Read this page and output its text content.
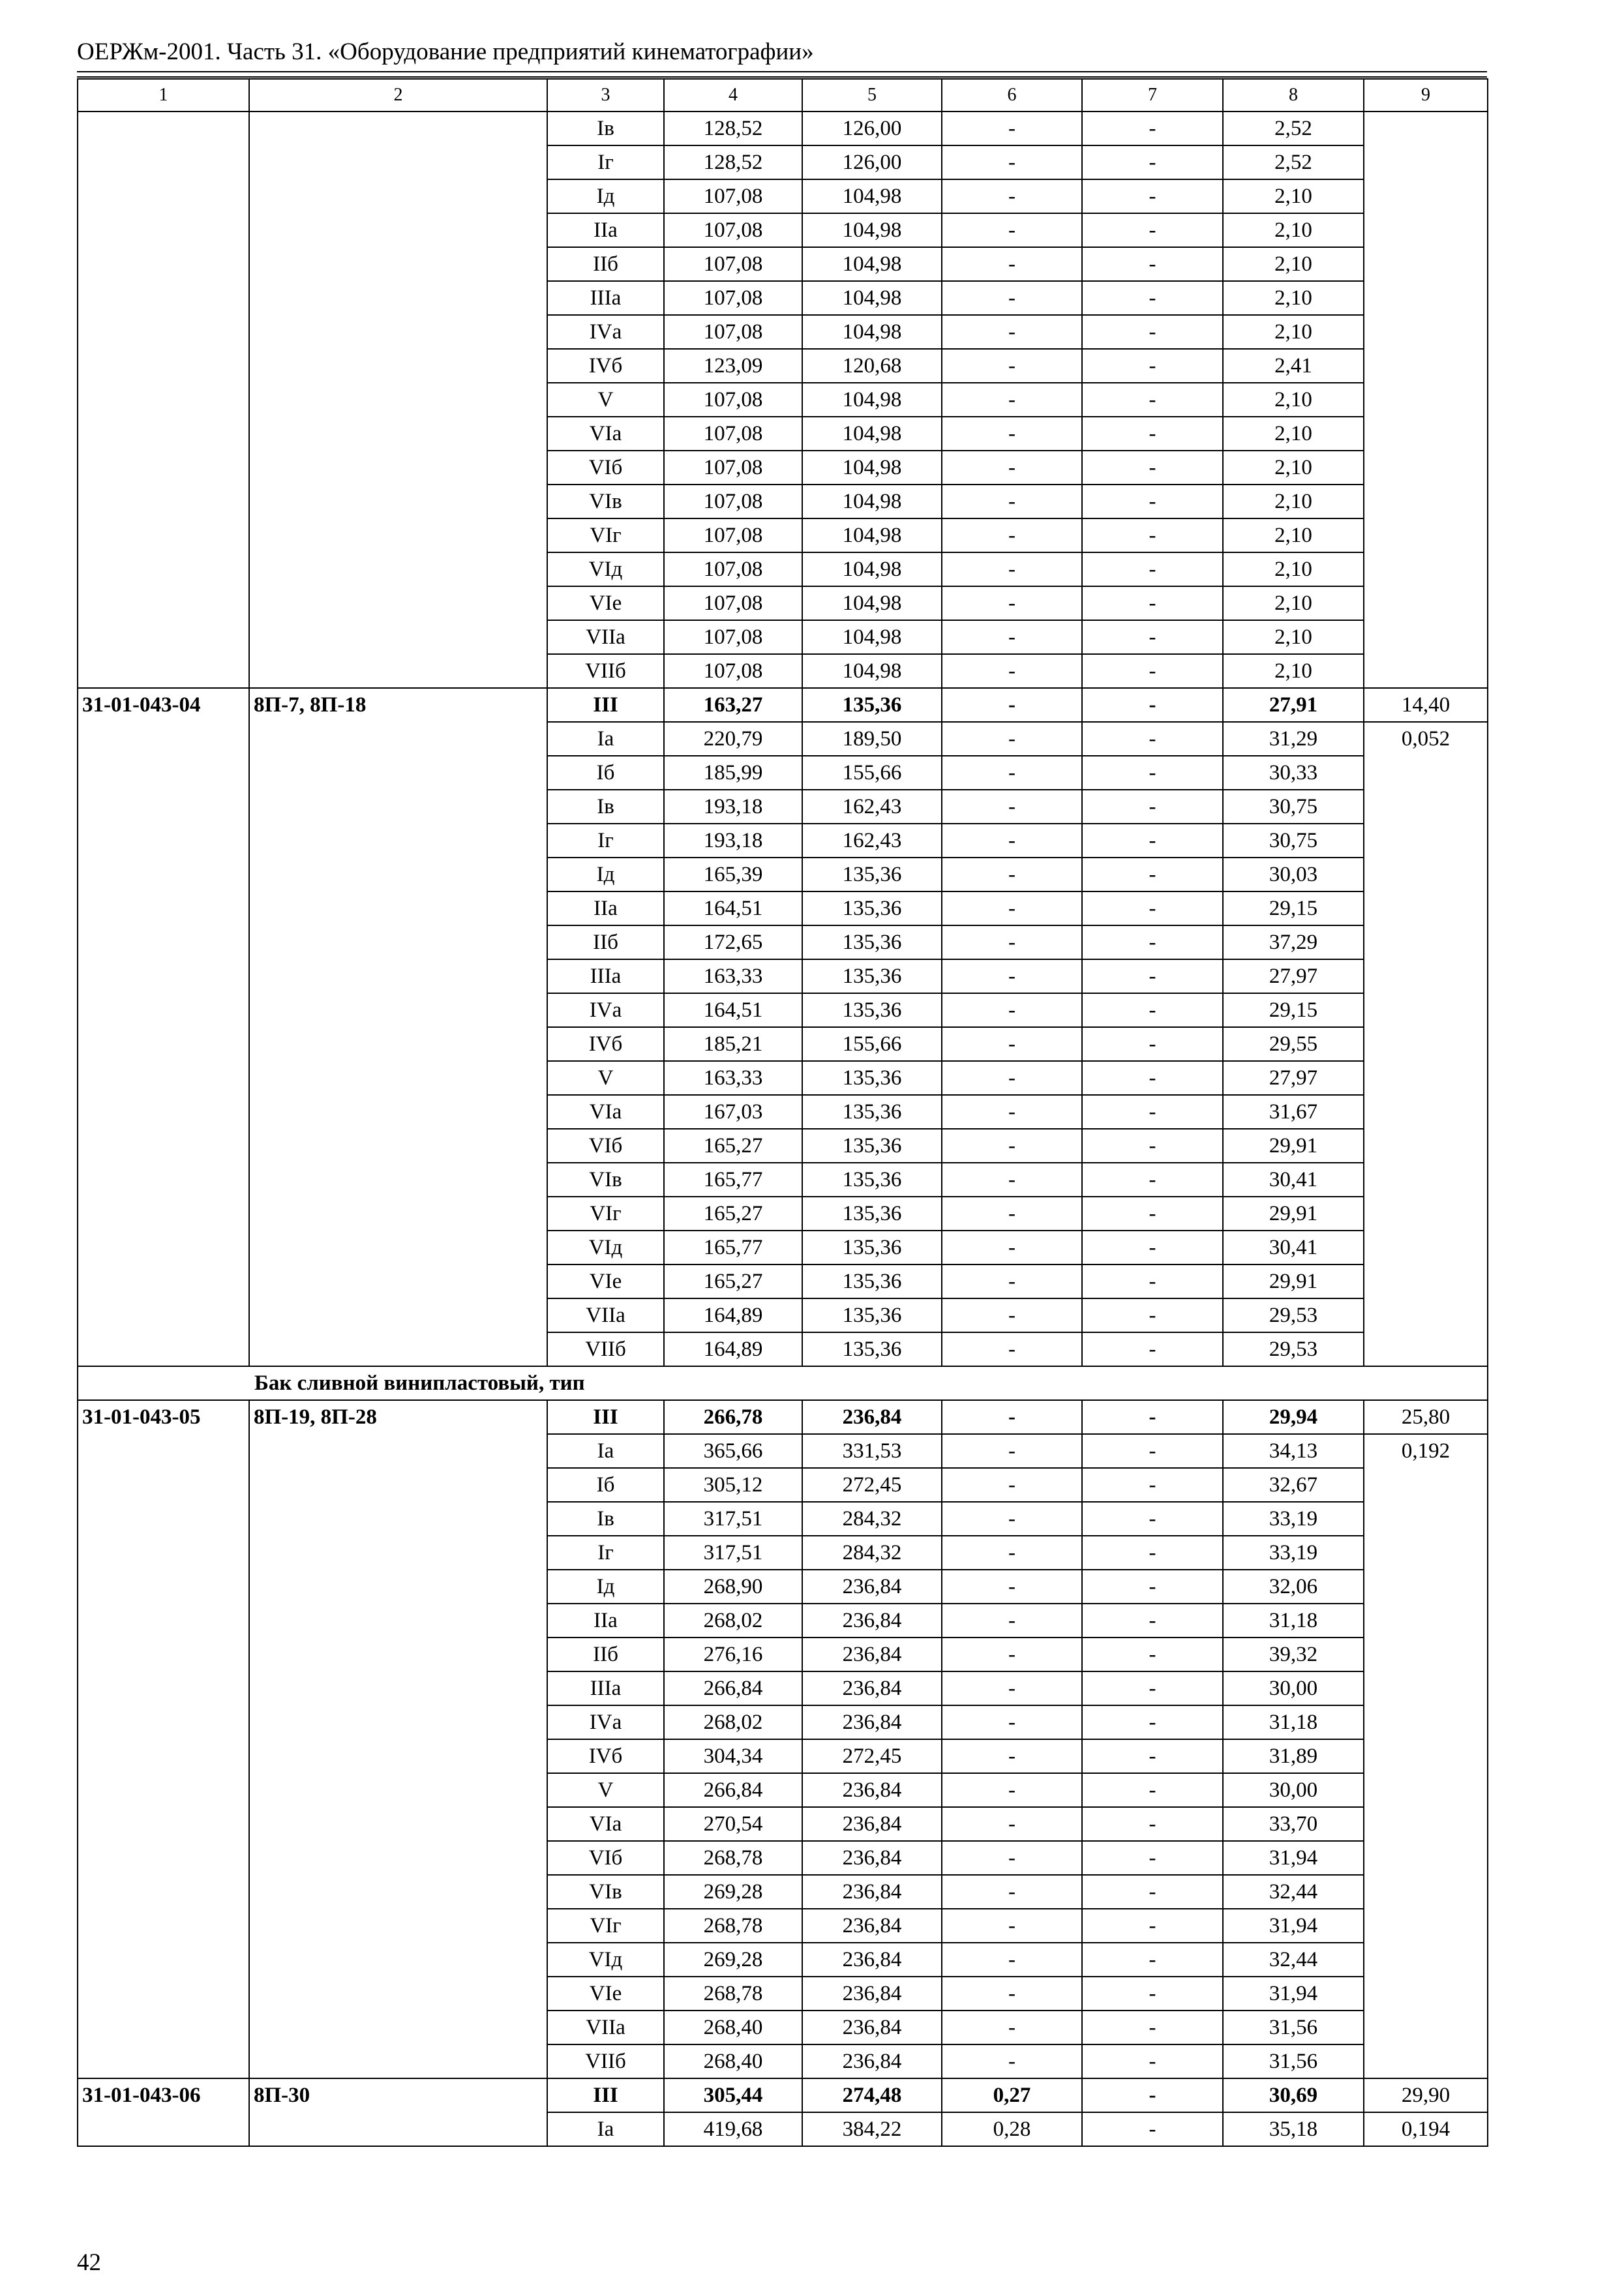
ОЕРЖм-2001. Часть 31. «Оборудование предприятий кинематографии»
1	2	3	4	5	6	7	8	9
		Iв	128,52	126,00	-	-	2,52	
		Iг	128,52	126,00	-	-	2,52	
		Iд	107,08	104,98	-	-	2,10	
		IIа	107,08	104,98	-	-	2,10	
		IIб	107,08	104,98	-	-	2,10	
		IIIа	107,08	104,98	-	-	2,10	
		IVа	107,08	104,98	-	-	2,10	
		IVб	123,09	120,68	-	-	2,41	
		V	107,08	104,98	-	-	2,10	
		VIа	107,08	104,98	-	-	2,10	
		VIб	107,08	104,98	-	-	2,10	
		VIв	107,08	104,98	-	-	2,10	
		VIг	107,08	104,98	-	-	2,10	
		VIд	107,08	104,98	-	-	2,10	
		VIе	107,08	104,98	-	-	2,10	
		VIIа	107,08	104,98	-	-	2,10	
		VIIб	107,08	104,98	-	-	2,10	
31-01-043-04	8П-7, 8П-18	III	163,27	135,36	-	-	27,91	14,40
		Iа	220,79	189,50	-	-	31,29	0,052
		Iб	185,99	155,66	-	-	30,33	
		Iв	193,18	162,43	-	-	30,75	
		Iг	193,18	162,43	-	-	30,75	
		Iд	165,39	135,36	-	-	30,03	
		IIа	164,51	135,36	-	-	29,15	
		IIб	172,65	135,36	-	-	37,29	
		IIIа	163,33	135,36	-	-	27,97	
		IVа	164,51	135,36	-	-	29,15	
		IVб	185,21	155,66	-	-	29,55	
		V	163,33	135,36	-	-	27,97	
		VIа	167,03	135,36	-	-	31,67	
		VIб	165,27	135,36	-	-	29,91	
		VIв	165,77	135,36	-	-	30,41	
		VIг	165,27	135,36	-	-	29,91	
		VIд	165,77	135,36	-	-	30,41	
		VIе	165,27	135,36	-	-	29,91	
		VIIа	164,89	135,36	-	-	29,53	
		VIIб	164,89	135,36	-	-	29,53	
Бак сливной винипластовый, тип								
31-01-043-05	8П-19, 8П-28	III	266,78	236,84	-	-	29,94	25,80
		Iа	365,66	331,53	-	-	34,13	0,192
		Iб	305,12	272,45	-	-	32,67	
		Iв	317,51	284,32	-	-	33,19	
		Iг	317,51	284,32	-	-	33,19	
		Iд	268,90	236,84	-	-	32,06	
		IIа	268,02	236,84	-	-	31,18	
		IIб	276,16	236,84	-	-	39,32	
		IIIа	266,84	236,84	-	-	30,00	
		IVа	268,02	236,84	-	-	31,18	
		IVб	304,34	272,45	-	-	31,89	
		V	266,84	236,84	-	-	30,00	
		VIа	270,54	236,84	-	-	33,70	
		VIб	268,78	236,84	-	-	31,94	
		VIв	269,28	236,84	-	-	32,44	
		VIг	268,78	236,84	-	-	31,94	
		VIд	269,28	236,84	-	-	32,44	
		VIе	268,78	236,84	-	-	31,94	
		VIIа	268,40	236,84	-	-	31,56	
		VIIб	268,40	236,84	-	-	31,56	
31-01-043-06	8П-30	III	305,44	274,48	0,27	-	30,69	29,90
		Iа	419,68	384,22	0,28	-	35,18	0,194
42
